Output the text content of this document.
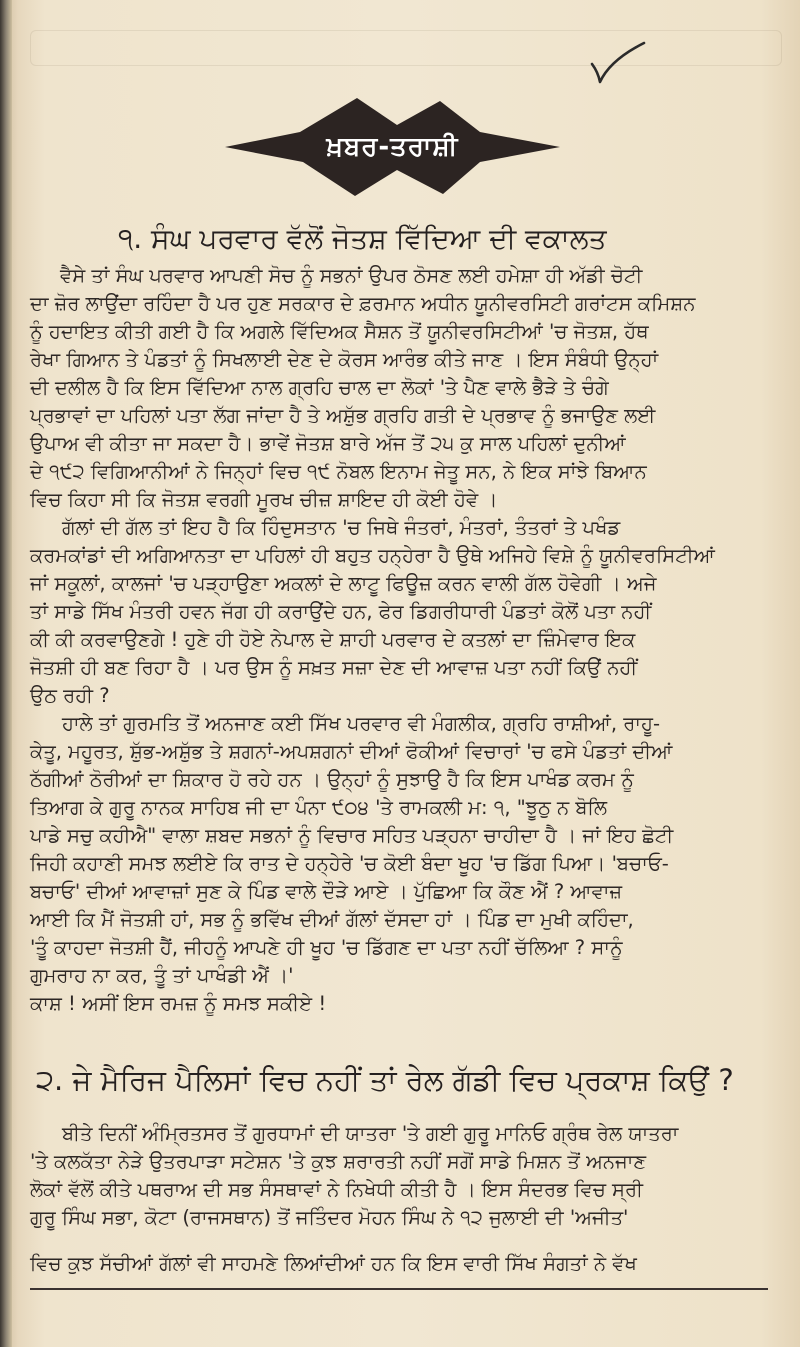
ਖ਼ਬਰ-ਤਰਾਸ਼ੀ
੧. ਸੰਘ ਪਰਵਾਰ ਵੱਲੋਂ ਜੋਤਸ਼ ਵਿੱਦਿਆ ਦੀ ਵਕਾਲਤ

ਵੈਸੇ ਤਾਂ ਸੰਘ ਪਰਵਾਰ ਆਪਣੀ ਸੋਚ ਨੂੰ ਸਭਨਾਂ ਉਪਰ ਠੋਸਣ ਲਈ ਹਮੇਸ਼ਾ ਹੀ ਅੱਡੀ ਚੋਟੀ

ਦਾ ਜ਼ੋਰ ਲਾਉਂਦਾ ਰਹਿੰਦਾ ਹੈ ਪਰ ਹੁਣ ਸਰਕਾਰ ਦੇ ਫ਼ਰਮਾਨ ਅਧੀਨ ਯੂਨੀਵਰਸਿਟੀ ਗਰਾਂਟਸ ਕਮਿਸ਼ਨ

ਨੂੰ ਹਦਾਇਤ ਕੀਤੀ ਗਈ ਹੈ ਕਿ ਅਗਲੇ ਵਿੱਦਿਅਕ ਸੈਸ਼ਨ ਤੋਂ ਯੂਨੀਵਰਸਿਟੀਆਂ 'ਚ ਜੋਤਸ਼, ਹੱਥ

ਰੇਖਾ ਗਿਆਨ ਤੇ ਪੰਡਤਾਂ ਨੂੰ ਸਿਖਲਾਈ ਦੇਣ ਦੇ ਕੋਰਸ ਆਰੰਭ ਕੀਤੇ ਜਾਣ । ਇਸ ਸੰਬੰਧੀ ਉਨ੍ਹਾਂ

ਦੀ ਦਲੀਲ ਹੈ ਕਿ ਇਸ ਵਿੱਦਿਆ ਨਾਲ ਗ੍ਰਹਿ ਚਾਲ ਦਾ ਲੋਕਾਂ 'ਤੇ ਪੈਣ ਵਾਲੇ ਭੈੜੇ ਤੇ ਚੰਗੇ

ਪ੍ਰਭਾਵਾਂ ਦਾ ਪਹਿਲਾਂ ਪਤਾ ਲੱਗ ਜਾਂਦਾ ਹੈ ਤੇ ਅਸ਼ੁੱਭ ਗ੍ਰਹਿ ਗਤੀ ਦੇ ਪ੍ਰਭਾਵ ਨੂੰ ਭਜਾਉਣ ਲਈ

ਉਪਾਅ ਵੀ ਕੀਤਾ ਜਾ ਸਕਦਾ ਹੈ। ਭਾਵੇਂ ਜੋਤਸ਼ ਬਾਰੇ ਅੱਜ ਤੋਂ ੨੫ ਕੁ ਸਾਲ ਪਹਿਲਾਂ ਦੁਨੀਆਂ

ਦੇ ੧੯੨ ਵਿਗਿਆਨੀਆਂ ਨੇ ਜਿਨ੍ਹਾਂ ਵਿਚ ੧੯ ਨੋਬਲ ਇਨਾਮ ਜੇਤੂ ਸਨ, ਨੇ ਇਕ ਸਾਂਝੇ ਬਿਆਨ

ਵਿਚ ਕਿਹਾ ਸੀ ਕਿ ਜੋਤਸ਼ ਵਰਗੀ ਮੂਰਖ ਚੀਜ਼ ਸ਼ਾਇਦ ਹੀ ਕੋਈ ਹੋਵੇ ।

ਗੱਲਾਂ ਦੀ ਗੱਲ ਤਾਂ ਇਹ ਹੈ ਕਿ ਹਿੰਦੁਸਤਾਨ 'ਚ ਜਿਥੇ ਜੰਤਰਾਂ, ਮੰਤਰਾਂ, ਤੰਤਰਾਂ ਤੇ ਪਖੰਡ

ਕਰਮਕਾਂਡਾਂ ਦੀ ਅਗਿਆਨਤਾ ਦਾ ਪਹਿਲਾਂ ਹੀ ਬਹੁਤ ਹਨ੍ਹੇਰਾ ਹੈ ਉਥੇ ਅਜਿਹੇ ਵਿਸ਼ੇ ਨੂੰ ਯੂਨੀਵਰਸਿਟੀਆਂ

ਜਾਂ ਸਕੂਲਾਂ, ਕਾਲਜਾਂ 'ਚ ਪੜ੍ਹਾਉਣਾ ਅਕਲਾਂ ਦੇ ਲਾਟੂ ਫਿਊਜ਼ ਕਰਨ ਵਾਲੀ ਗੱਲ ਹੋਵੇਗੀ । ਅਜੇ

ਤਾਂ ਸਾਡੇ ਸਿੱਖ ਮੰਤਰੀ ਹਵਨ ਜੱਗ ਹੀ ਕਰਾਉਂਦੇ ਹਨ, ਫੇਰ ਡਿਗਰੀਧਾਰੀ ਪੰਡਤਾਂ ਕੋਲੋਂ ਪਤਾ ਨਹੀਂ

ਕੀ ਕੀ ਕਰਵਾਉਣਗੇ ! ਹੁਣੇ ਹੀ ਹੋਏ ਨੇਪਾਲ ਦੇ ਸ਼ਾਹੀ ਪਰਵਾਰ ਦੇ ਕਤਲਾਂ ਦਾ ਜ਼ਿੰਮੇਵਾਰ ਇਕ

ਜੋਤਸ਼ੀ ਹੀ ਬਣ ਰਿਹਾ ਹੈ । ਪਰ ਉਸ ਨੂੰ ਸਖ਼ਤ ਸਜ਼ਾ ਦੇਣ ਦੀ ਆਵਾਜ਼ ਪਤਾ ਨਹੀਂ ਕਿਉਂ ਨਹੀਂ

ਉਠ ਰਹੀ ?

ਹਾਲੇ ਤਾਂ ਗੁਰਮਤਿ ਤੋਂ ਅਨਜਾਣ ਕਈ ਸਿੱਖ ਪਰਵਾਰ ਵੀ ਮੰਗਲੀਕ, ਗ੍ਰਹਿ ਰਾਸ਼ੀਆਂ, ਰਾਹੂ-

ਕੇਤੂ, ਮਹੂਰਤ, ਸ਼ੁੱਭ-ਅਸ਼ੁੱਭ ਤੇ ਸ਼ਗਨਾਂ-ਅਪਸ਼ਗਨਾਂ ਦੀਆਂ ਫੋਕੀਆਂ ਵਿਚਾਰਾਂ 'ਚ ਫਸੇ ਪੰਡਤਾਂ ਦੀਆਂ

ਠੱਗੀਆਂ ਠੋਰੀਆਂ ਦਾ ਸ਼ਿਕਾਰ ਹੋ ਰਹੇ ਹਨ । ਉਨ੍ਹਾਂ ਨੂੰ ਸੁਝਾਉ ਹੈ ਕਿ ਇਸ ਪਾਖੰਡ ਕਰਮ ਨੂੰ

ਤਿਆਗ ਕੇ ਗੁਰੂ ਨਾਨਕ ਸਾਹਿਬ ਜੀ ਦਾ ਪੰਨਾ ੯੦੪ 'ਤੇ ਰਾਮਕਲੀ ਮ: ੧, "ਝੂਠੁ ਨ ਬੋਲਿ

ਪਾਡੇ ਸਚੁ ਕਹੀਐ" ਵਾਲਾ ਸ਼ਬਦ ਸਭਨਾਂ ਨੂੰ ਵਿਚਾਰ ਸਹਿਤ ਪੜ੍ਹਨਾ ਚਾਹੀਦਾ ਹੈ । ਜਾਂ ਇਹ ਛੋਟੀ

ਜਿਹੀ ਕਹਾਣੀ ਸਮਝ ਲਈਏ ਕਿ ਰਾਤ ਦੇ ਹਨ੍ਹੇਰੇ 'ਚ ਕੋਈ ਬੰਦਾ ਖੂਹ 'ਚ ਡਿੱਗ ਪਿਆ। 'ਬਚਾਓ-

ਬਚਾਓ' ਦੀਆਂ ਆਵਾਜ਼ਾਂ ਸੁਣ ਕੇ ਪਿੰਡ ਵਾਲੇ ਦੌੜੇ ਆਏ । ਪੁੱਛਿਆ ਕਿ ਕੌਣ ਐਂ ? ਆਵਾਜ਼

ਆਈ ਕਿ ਮੈਂ ਜੋਤਸ਼ੀ ਹਾਂ, ਸਭ ਨੂੰ ਭਵਿੱਖ ਦੀਆਂ ਗੱਲਾਂ ਦੱਸਦਾ ਹਾਂ । ਪਿੰਡ ਦਾ ਮੁਖੀ ਕਹਿੰਦਾ,

'ਤੂੰ ਕਾਹਦਾ ਜੋਤਸ਼ੀ ਹੈਂ, ਜੀਹਨੂੰ ਆਪਣੇ ਹੀ ਖੂਹ 'ਚ ਡਿੱਗਣ ਦਾ ਪਤਾ ਨਹੀਂ ਚੱਲਿਆ ? ਸਾਨੂੰ

ਗੁਮਰਾਹ ਨਾ ਕਰ, ਤੂੰ ਤਾਂ ਪਾਖੰਡੀ ਐਂ ।'

ਕਾਸ਼ ! ਅਸੀਂ ਇਸ ਰਮਜ਼ ਨੂੰ ਸਮਝ ਸਕੀਏ !

੨. ਜੇ ਮੈਰਿਜ ਪੈਲਿਸਾਂ ਵਿਚ ਨਹੀਂ ਤਾਂ ਰੇਲ ਗੱਡੀ ਵਿਚ ਪ੍ਰਕਾਸ਼ ਕਿਉਂ ?

ਬੀਤੇ ਦਿਨੀਂ ਅੰਮ੍ਰਿਤਸਰ ਤੋਂ ਗੁਰਧਾਮਾਂ ਦੀ ਯਾਤਰਾ 'ਤੇ ਗਈ ਗੁਰੂ ਮਾਨਿਓ ਗ੍ਰੰਥ ਰੇਲ ਯਾਤਰਾ

'ਤੇ ਕਲਕੱਤਾ ਨੇੜੇ ਉਤਰਪਾੜਾ ਸਟੇਸ਼ਨ 'ਤੇ ਕੁਝ ਸ਼ਰਾਰਤੀ ਨਹੀਂ ਸਗੋਂ ਸਾਡੇ ਮਿਸ਼ਨ ਤੋਂ ਅਨਜਾਣ

ਲੋਕਾਂ ਵੱਲੋਂ ਕੀਤੇ ਪਥਰਾਅ ਦੀ ਸਭ ਸੰਸਥਾਵਾਂ ਨੇ ਨਿਖੇਧੀ ਕੀਤੀ ਹੈ । ਇਸ ਸੰਦਰਭ ਵਿਚ ਸ੍ਰੀ

ਗੁਰੂ ਸਿੰਘ ਸਭਾ, ਕੋਟਾ (ਰਾਜਸਥਾਨ) ਤੋਂ ਜਤਿੰਦਰ ਮੋਹਨ ਸਿੰਘ ਨੇ ੧੨ ਜੁਲਾਈ ਦੀ 'ਅਜੀਤ'

ਵਿਚ ਕੁਝ ਸੱਚੀਆਂ ਗੱਲਾਂ ਵੀ ਸਾਹਮਣੇ ਲਿਆਂਦੀਆਂ ਹਨ ਕਿ ਇਸ ਵਾਰੀ ਸਿੱਖ ਸੰਗਤਾਂ ਨੇ ਵੱਖ
